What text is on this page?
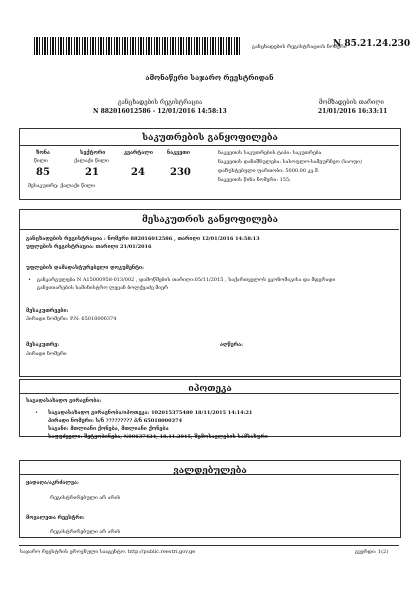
განცხადების რეგისტრაციის ნომერი
N 85.21.24.230
ამონაწერი საჯარო რეესტრიდან
განცხადების რეგისტრაცია
N 882016012586 - 12/01/2016 14:58:13
მომზადების თარიღი
21/01/2016 16:33:11
საკუთრების განყოფილება
ზონა	სექტორი	კვარტალი	ნაკვეთი
წილი	ქალაქი წილი
85	21	24	230
მესაკუთრე: ქალაქი წილი
ნაკვეთის საკუთრების ტიპი: საკუთრება
ნაკვეთის დანიშნულება: სასოფლო-სამეურნეო (საოფი)
დაზუსტებული ფართობი: 5000.00 კვ.მ.
ნაკვეთის წინა ნომერი: 155;
მესაკუთრის განყოფილება
განცხადების რეგისტრაცია : ნომერი 882016012586 , თარიღი 12/01/2016 14:58:13
უფლების რეგისტრაცია: თარიღი 21/01/2016
უფლების დამადასტურებელი დოკუმენტი:
• განკარგულება N A15000958-013/002 , დამოწმების თარიღი:05/11/2015 , საქართველოს ეკონომიკისა და მდგრადი
განვითარების სამინისტრო ლევან ბოლქვაძე მიერ
მესაკუთრეები:
პირადი ნომერი: P.N: 65018000374
მესაკუთრე:
პირადი ნომერი
აღწერა:
იპოთეკა
საგადასახადო გირავნობა:
• საგადასახადო გირავნობა/იპოთეკა: 102015375480 18/11/2015 14:14:21
პირადი ნომერი: ს/ნ ????????? პ/ნ 65018000374
საგანი: მთლიანი ქონება, მთლიანი ქონება
საფუძველი: შეტყობინება, N00637424, 18.11.2015, შემოსავლების სამსახური
ვალდებულება
ყადაღა/აკრძალვა:
რეგისტრირებული არ არის
მოვალეთა რეესტრი:
რეგისტრირებული არ არის
საჯარო რეესტრის ეროვნული სააგენტო. http://public.reestri.gov.ge	გვერდი: 1(2)
